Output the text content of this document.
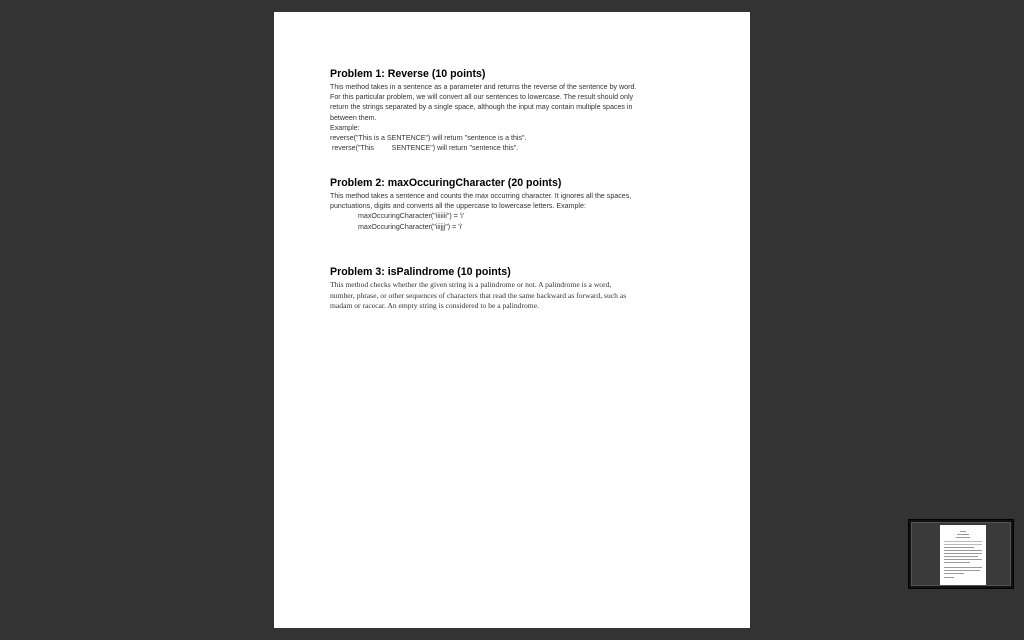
Problem 1: Reverse (10 points)
This method takes in a sentence as a parameter and returns the reverse of the sentence by word.
For this particular problem, we will convert all our sentences to lowercase. The result should only
return the strings separated by a single space, although the input may contain multiple spaces in
between them.
Example:
reverse("This is a SENTENCE") will return "sentence is a this".
reverse("This         SENTENCE") will return "sentence this".
Problem 2: maxOccuringCharacter (20 points)
This method takes a sentence and counts the max occurring character. It ignores all the spaces,
punctuations, digits and converts all the uppercase to lowercase letters. Example:
maxOccuringCharacter("iiiiiii") = 'i'
maxOccuringCharacter("iiijjj") = 'i'
Problem 3: isPalindrome (10 points)
This method checks whether the given string is a palindrome or not. A palindrome is a word,
number, phrase, or other sequences of characters that read the same backward as forward, such as
madam or racecar. An empty string is considered to be a palindrome.
